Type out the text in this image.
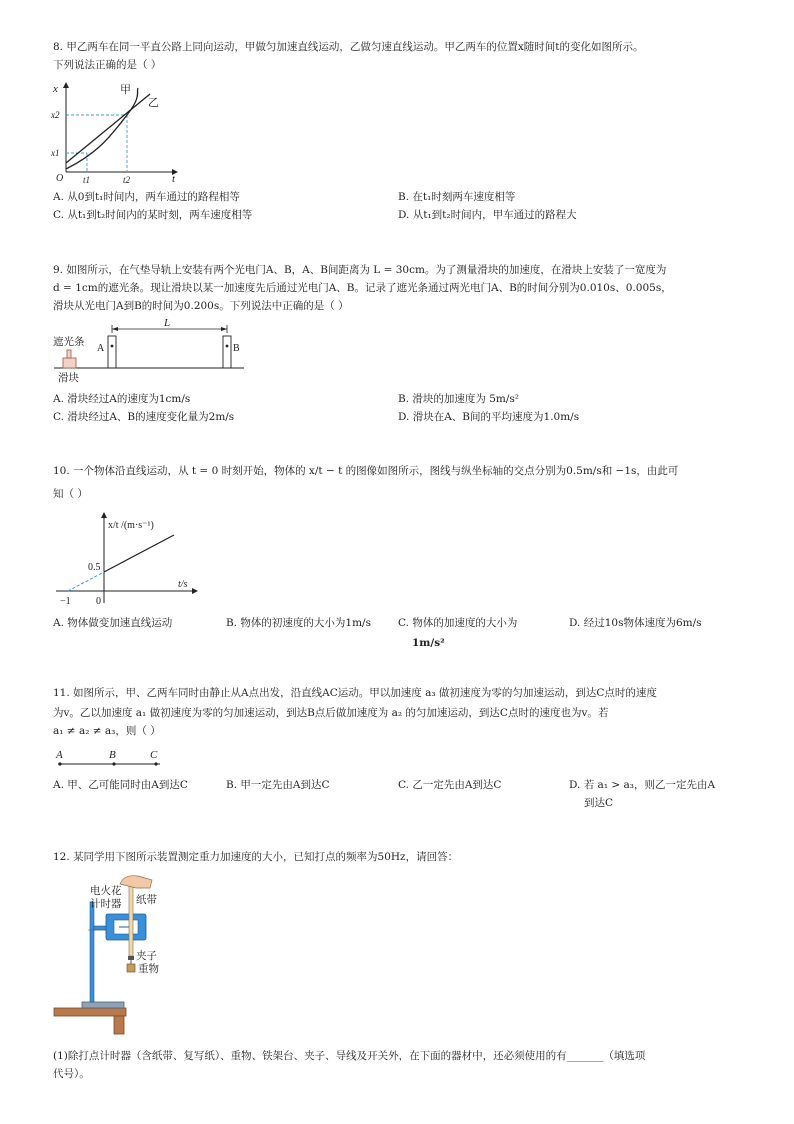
8. 甲乙两车在同一平直公路上同向运动，甲做匀加速直线运动，乙做匀速直线运动。甲乙两车的位置x随时间t的变化如图所示。
下列说法正确的是（ ）
x
t
甲
乙
x2
x1
t1	t2
O
A. 从0到t₁时间内，两车通过的路程相等	B. 在t₁时刻两车速度相等
C. 从t₁到t₂时间内的某时刻，两车速度相等	D. 从t₁到t₂时间内，甲车通过的路程大
9. 如图所示，在气垫导轨上安装有两个光电门A、B，A、B间距离为 L = 30cm。为了测量滑块的加速度，在滑块上安装了一宽度为
d = 1cm的遮光条。现让滑块以某一加速度先后通过光电门A、B。记录了遮光条通过两光电门A、B的时间分别为0.010s、0.005s，
滑块从光电门A到B的时间为0.200s。下列说法中正确的是（ ）
L
A	B
遮光条
滑块
A. 滑块经过A的速度为1cm/s	B. 滑块的加速度为 5m/s²
C. 滑块经过A、B的速度变化量为2m/s	D. 滑块在A、B间的平均速度为1.0m/s
10. 一个物体沿直线运动，从 t = 0 时刻开始，物体的 x/t − t 的图像如图所示，图线与纵坐标轴的交点分别为0.5m/s和 −1s，由此可
知（ ）
x/t /(m·s⁻¹)
t/s
0.5
−1	0
A. 物体做变加速直线运动	B. 物体的初速度的大小为1m/s	C. 物体的加速度的大小为
1m/s²
D. 经过10s物体速度为6m/s
11. 如图所示，甲、乙两车同时由静止从A点出发，沿直线AC运动。甲以加速度 a₃ 做初速度为零的匀加速运动，到达C点时的速度
为v。乙以加速度 a₁ 做初速度为零的匀加速运动，到达B点后做加速度为 a₂ 的匀加速运动，到达C点时的速度也为v。若
a₁ ≠ a₂ ≠ a₃，则（ ）
A	B	C
A. 甲、乙可能同时由A到达C	B. 甲一定先由A到达C	C. 乙一定先由A到达C	D. 若 a₁ > a₃，则乙一定先由A
到达C
12. 某同学用下图所示装置测定重力加速度的大小，已知打点的频率为50Hz，请回答：
电火花
计时器 纸带
夹子
重物
(1)除打点计时器（含纸带、复写纸）、重物、铁架台、夹子、导线及开关外，在下面的器材中，还必须使用的有_______（填选项
代号）。
